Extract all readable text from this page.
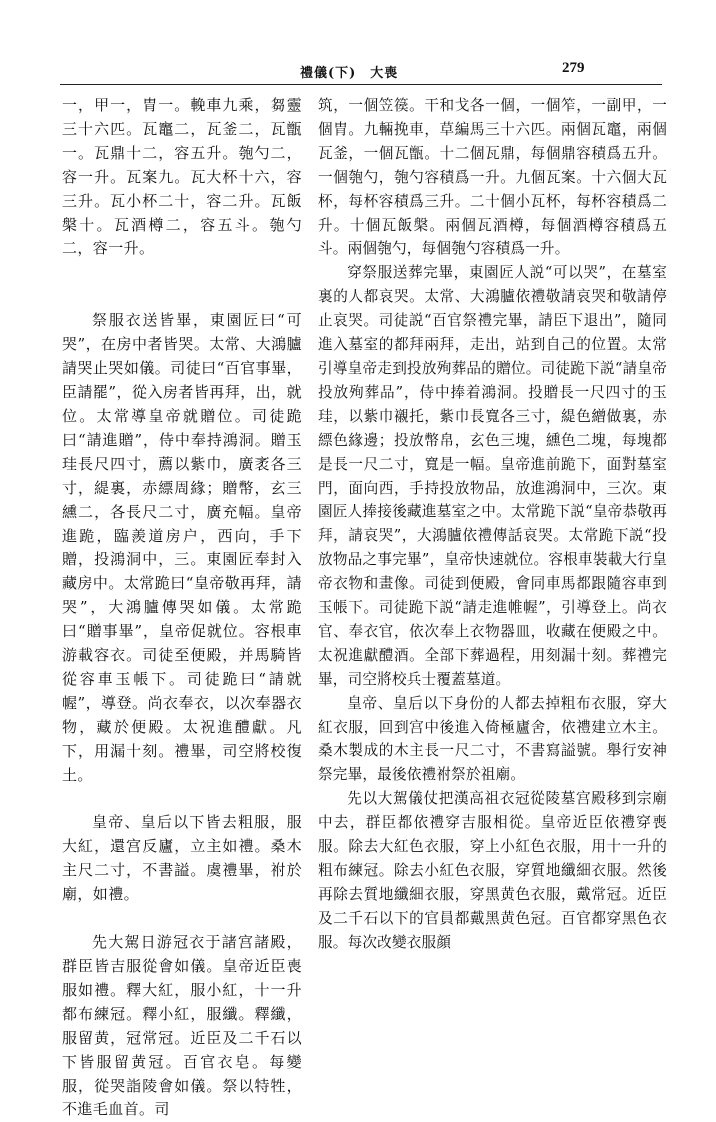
禮儀(下)　大喪	279

一，甲一，胄一。輓車九乘，芻靈三十六匹。瓦竈二，瓦釜二，瓦甑一。瓦鼎十二，容五升。匏勺二，容一升。瓦案九。瓦大杯十六，容三升。瓦小杯二十，容二升。瓦飯槃十。瓦酒樽二，容五斗。匏勺二，容一升。

祭服衣送皆畢，東園匠曰“可哭”，在房中者皆哭。太常、大鴻臚請哭止哭如儀。司徒曰“百官事畢，臣請罷”，從入房者皆再拜，出，就位。太常導皇帝就贈位。司徒跪曰“請進贈”，侍中奉持鴻洞。贈玉珪長尺四寸，薦以紫巾，廣袤各三寸，緹裏，赤縹周緣；贈幣，玄三纁二，各長尺二寸，廣充幅。皇帝進跪，臨羨道房户，西向，手下贈，投鴻洞中，三。東園匠奉封入藏房中。太常跪曰“皇帝敬再拜，請哭”，大鴻臚傳哭如儀。太常跪曰“贈事畢”，皇帝促就位。容根車游載容衣。司徒至便殿，并馬騎皆從容車玉帳下。司徒跪曰“請就幄”，導登。尚衣奉衣，以次奉器衣物，藏於便殿。太祝進醴獻。凡下，用漏十刻。禮畢，司空將校復土。

皇帝、皇后以下皆去粗服，服大紅，還宫反廬，立主如禮。桑木主尺二寸，不書謚。虞禮畢，祔於廟，如禮。

先大駕日游冠衣于諸宫諸殿，群臣皆吉服從會如儀。皇帝近臣喪服如禮。釋大紅，服小紅，十一升都布練冠。釋小紅，服纖。釋纖，服留黄，冠常冠。近臣及二千石以下皆服留黄冠。百官衣皂。每變服，從哭詣陵會如儀。祭以特牲，不進毛血首。司

筑，一個笠篌。干和戈各一個，一個笮，一副甲，一個胄。九輛挽車，草編馬三十六匹。兩個瓦竈，兩個瓦釜，一個瓦甑。十二個瓦鼎，每個鼎容積爲五升。一個匏勺，匏勺容積爲一升。九個瓦案。十六個大瓦杯，每杯容積爲三升。二十個小瓦杯，每杯容積爲二升。十個瓦飯槃。兩個瓦酒樽，每個酒樽容積爲五斗。兩個匏勺，每個匏勺容積爲一升。

穿祭服送葬完畢，東園匠人説“可以哭”，在墓室裏的人都哀哭。太常、大鴻臚依禮敬請哀哭和敬請停止哀哭。司徒説“百官祭禮完畢，請臣下退出”，隨同進入墓室的都拜兩拜，走出，站到自己的位置。太常引導皇帝走到投放殉葬品的贈位。司徒跪下説“請皇帝投放殉葬品”，侍中捧着鴻洞。投贈長一尺四寸的玉珪，以紫巾襯托，紫巾長寬各三寸，緹色繒做裏，赤縹色緣邊；投放幣帛，玄色三塊，纁色二塊，每塊都是長一尺二寸，寬是一幅。皇帝進前跪下，面對墓室門，面向西，手持投放物品，放進鴻洞中，三次。東園匠人捧接後藏進墓室之中。太常跪下説“皇帝恭敬再拜，請哀哭”，大鴻臚依禮傳話哀哭。太常跪下説“投放物品之事完畢”，皇帝快速就位。容根車裝載大行皇帝衣物和畫像。司徒到便殿，會同車馬都跟隨容車到玉帳下。司徒跪下説“請走進帷幄”，引導登上。尚衣官、奉衣官，依次奉上衣物器皿，收藏在便殿之中。太祝進獻醴酒。全部下葬過程，用刻漏十刻。葬禮完畢，司空將校兵士覆蓋墓道。

皇帝、皇后以下身份的人都去掉粗布衣服，穿大紅衣服，回到宫中後進入倚極廬舍，依禮建立木主。桑木製成的木主長一尺二寸，不書寫謚號。舉行安神祭完畢，最後依禮祔祭於祖廟。

先以大駕儀仗把漢高祖衣冠從陵墓宫殿移到宗廟中去，群臣都依禮穿吉服相從。皇帝近臣依禮穿喪服。除去大紅色衣服，穿上小紅色衣服，用十一升的粗布練冠。除去小紅色衣服，穿質地纖細衣服。然後再除去質地纖細衣服，穿黑黄色衣服，戴常冠。近臣及二千石以下的官員都戴黑黄色冠。百官都穿黑色衣服。每次改變衣服顔
